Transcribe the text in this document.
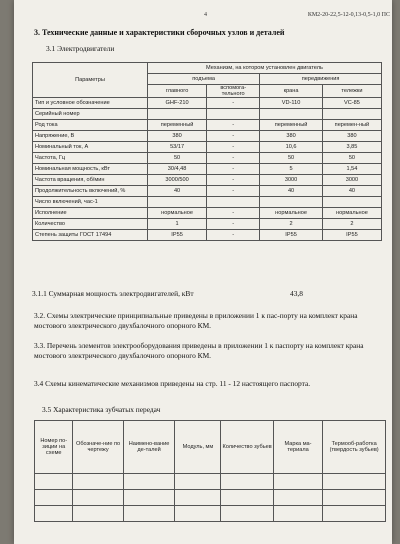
4	КМ2-20-22,5-12-0,13-0,5-1,0 ПС
3. Технические данные и характеристики сборочных узлов и деталей
3.1 Электродвигатели
Параметры	Механизм, на котором установлен двигатель			
	подъема		передвижения	
	главного	вспомога-тельного	крана	тележки
Тип и условное обозначение	GHF-210	-	VD-110	VC-85
Серийный номер				
Род тока	переменный	-	переменный	перемен-ный
Напряжение, В	380	-	380	380
Номинальный ток, А	53/17	-	10,6	3,85
Частота, Гц	50	-	50	50
Номинальная мощность, кВт	30/4,48	-	5	1,54
Частота вращения, об/мин	3000/500	-	3000	3000
Продолжительность включений, %	40	-	40	40
Число включений, час-1				
Исполнение	нормальное	-	нормальное	нормальное
Количество	1	-	2	2
Степень защиты ГОСТ 17494	IP55	-	IP55	IP55
3.1.1 Суммарная мощность электродвигателей, кВт	43,8
3.2. Схемы электрические принципиальные приведены в приложении 1 к пас-порту на комплект крана мостового электрического двухбалочного опорного КМ.
3.3. Перечень элементов электрооборудования приведены в приложении 1 к паспорту на комплект крана мостового электрического двухбалочного опорного КМ.
3.4 Схемы кинематические механизмов приведены на стр. 11 - 12 настоящего паспорта.
3.5 Характеристика зубчатых передач
Номер по-зиции на схеме	Обозначе-ние по чертежу	Наимено-вание де-талей	Модуль, мм	Количество зубьев	Марка ма-териала	Термооб-работка (твердость зубьев)
